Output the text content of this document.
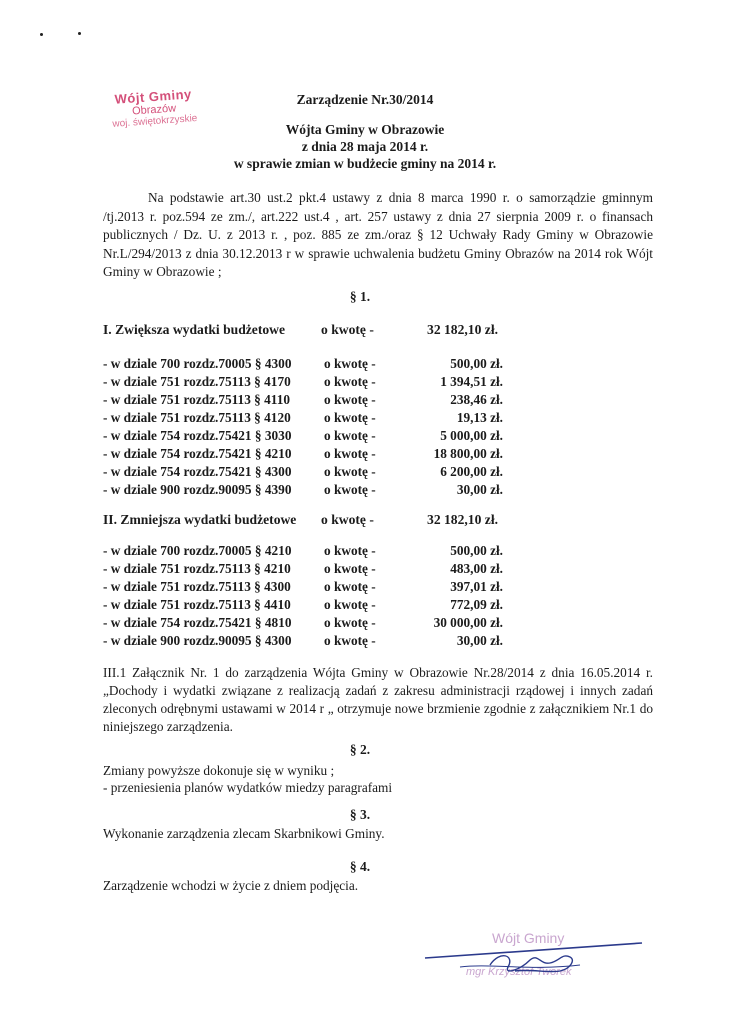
Wójt Gminy
Obrazów
woj. świętokrzyskie
Zarządzenie Nr.30/2014
Wójta Gminy w Obrazowie
z dnia 28 maja 2014 r.
w sprawie zmian w budżecie gminy na 2014 r.
Na podstawie art.30 ust.2 pkt.4 ustawy z dnia 8 marca 1990 r. o samorządzie gminnym /tj.2013 r. poz.594 ze zm./, art.222 ust.4 , art. 257 ustawy z dnia 27 sierpnia 2009 r. o finansach publicznych / Dz. U. z 2013 r. , poz. 885 ze zm./oraz § 12 Uchwały Rady Gminy w Obrazowie Nr.L/294/2013 z dnia 30.12.2013 r w sprawie uchwalenia budżetu Gminy Obrazów na 2014 rok Wójt Gminy w Obrazowie ;
§ 1.
I. Zwiększa wydatki budżetowe	o kwotę -	32 182,10 zł.
- w dziale 700 rozdz.70005 § 4300 o kwotę -	500,00 zł.
- w dziale 751 rozdz.75113 § 4170	o kwotę -	1 394,51 zł.
- w dziale 751 rozdz.75113 § 4110	o kwotę -	238,46 zł.
- w dziale 751 rozdz.75113 § 4120	o kwotę -	19,13 zł.
- w dziale 754 rozdz.75421 § 3030 o kwotę -	5 000,00 zł.
- w dziale 754 rozdz.75421 § 4210 o kwotę -	18 800,00 zł.
- w dziale 754 rozdz.75421 § 4300 o kwotę -	6 200,00 zł.
- w dziale 900 rozdz.90095 § 4390 o kwotę -	30,00 zł.
II. Zmniejsza wydatki budżetowe o kwotę -	32 182,10 zł.
- w dziale 700 rozdz.70005 § 4210 o kwotę -	500,00 zł.
- w dziale 751 rozdz.75113 § 4210	o kwotę -	483,00 zł.
- w dziale 751 rozdz.75113 § 4300	o kwotę -	397,01 zł.
- w dziale 751 rozdz.75113 § 4410	o kwotę -	772,09 zł.
- w dziale 754 rozdz.75421 § 4810 o kwotę -	30 000,00 zł.
- w dziale 900 rozdz.90095 § 4300 o kwotę -	30,00 zł.
III.1 Załącznik Nr. 1 do zarządzenia Wójta Gminy w Obrazowie Nr.28/2014 z dnia 16.05.2014 r. „Dochody i wydatki związane z realizacją zadań z zakresu administracji rządowej i innych zadań zleconych odrębnymi ustawami w 2014 r „ otrzymuje nowe brzmienie zgodnie z załącznikiem Nr.1 do niniejszego zarządzenia.
§ 2.
Zmiany powyższe dokonuje się w wyniku ;
- przeniesienia planów wydatków miedzy paragrafami
§ 3.
Wykonanie zarządzenia zlecam Skarbnikowi Gminy.
§ 4.
Zarządzenie wchodzi w życie z dniem podjęcia.
Wójt Gminy
mgr Krzysztof Tworek
